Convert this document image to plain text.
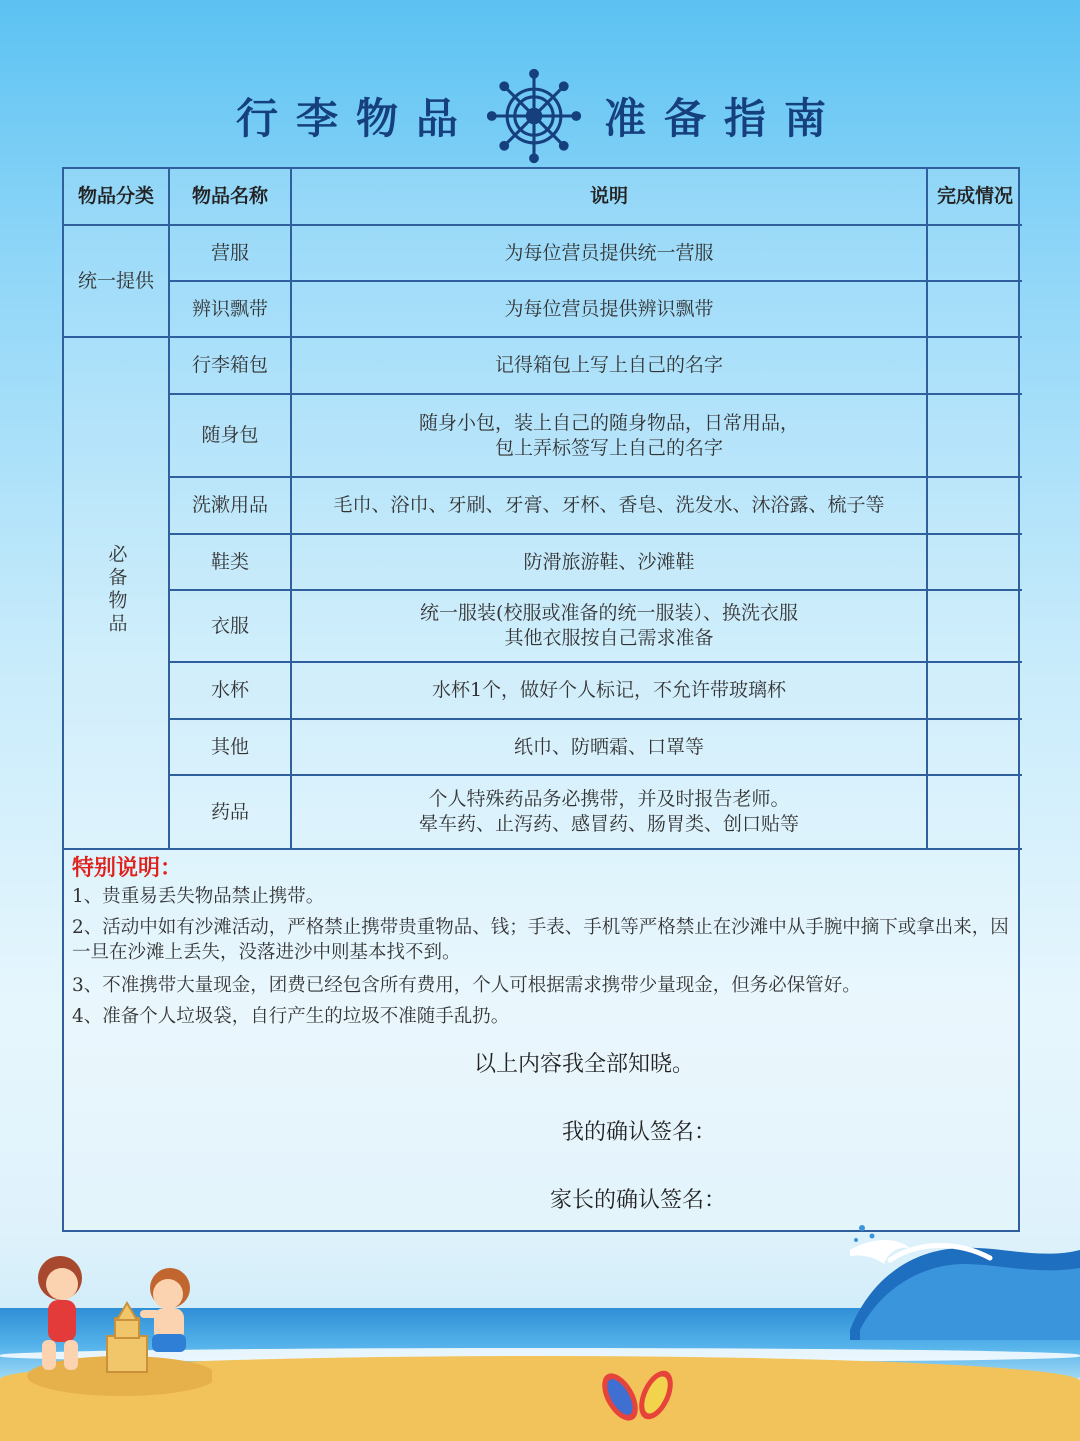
行李物品	准备指南
物品分类	物品名称	说明	完成情况
统一提供	营服	为每位营员提供统一营服	

	辨识飘带	为每位营员提供辨识飘带	

必备物品	行李箱包	记得箱包上写上自己的名字	

	随身包	随身小包，装上自己的随身物品，日常用品，
包上弄标签写上自己的名字	

	洗漱用品	毛巾、浴巾、牙刷、牙膏、牙杯、香皂、洗发水、沐浴露、梳子等	

	鞋类	防滑旅游鞋、沙滩鞋	

	衣服	统一服装(校服或准备的统一服装）、换洗衣服
其他衣服按自己需求准备	

	水杯	水杯1个，做好个人标记，不允许带玻璃杯	

	其他	纸巾、防晒霜、口罩等	

	药品	个人特殊药品务必携带，并及时报告老师。
晕车药、止泻药、感冒药、肠胃类、创口贴等	

特别说明：
1、贵重易丢失物品禁止携带。
2、活动中如有沙滩活动，严格禁止携带贵重物品、钱；手表、手机等严格禁止在沙滩中从手腕中摘下或拿出来，因一旦在沙滩上丢失，没落进沙中则基本找不到。
3、不准携带大量现金，团费已经包含所有费用，个人可根据需求携带少量现金，但务必保管好。
4、准备个人垃圾袋，自行产生的垃圾不准随手乱扔。
以上内容我全部知晓。
我的确认签名：
家长的确认签名：
